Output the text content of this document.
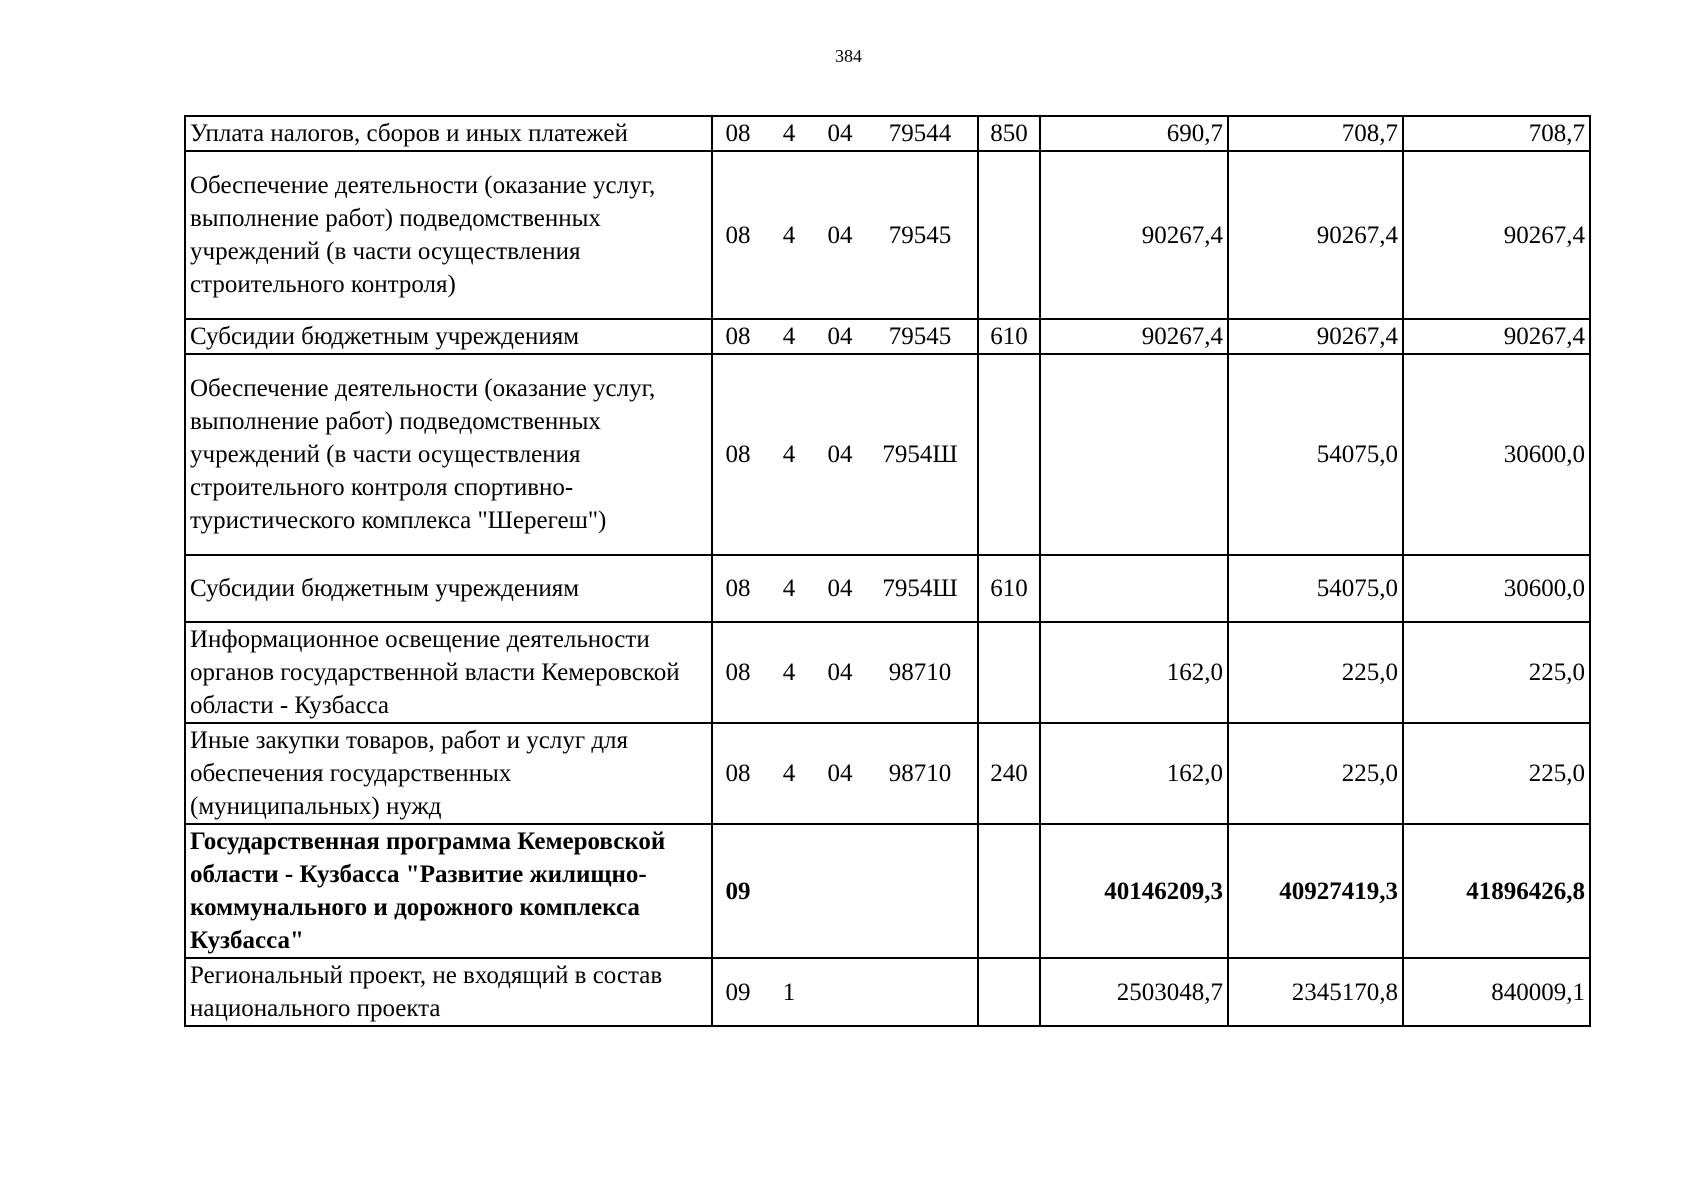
384
Уплата налогов, сборов и иных платежей	08 4 04 79544	850	690,7	708,7	708,7
Обеспечение деятельности (оказание услуг, выполнение работ) подведомственных учреждений (в части осуществления строительного контроля)	08 4 04 79545		90267,4	90267,4	90267,4
Субсидии бюджетным учреждениям	08 4 04 79545	610	90267,4	90267,4	90267,4
Обеспечение деятельности (оказание услуг, выполнение работ) подведомственных учреждений (в части осуществления строительного контроля спортивно-туристического комплекса "Шерегеш")	08 4 04 7954Ш			54075,0	30600,0
Субсидии бюджетным учреждениям	08 4 04 7954Ш	610		54075,0	30600,0
Информационное освещение деятельности органов государственной власти Кемеровской области - Кузбасса	08 4 04 98710		162,0	225,0	225,0
Иные закупки товаров, работ и услуг для обеспечения государственных (муниципальных) нужд	08 4 04 98710	240	162,0	225,0	225,0
Государственная программа Кемеровской области - Кузбасса "Развитие жилищно-коммунального и дорожного комплекса Кузбасса"	09		40146209,3	40927419,3	41896426,8
Региональный проект, не входящий в состав национального проекта	09 1		2503048,7	2345170,8	840009,1
